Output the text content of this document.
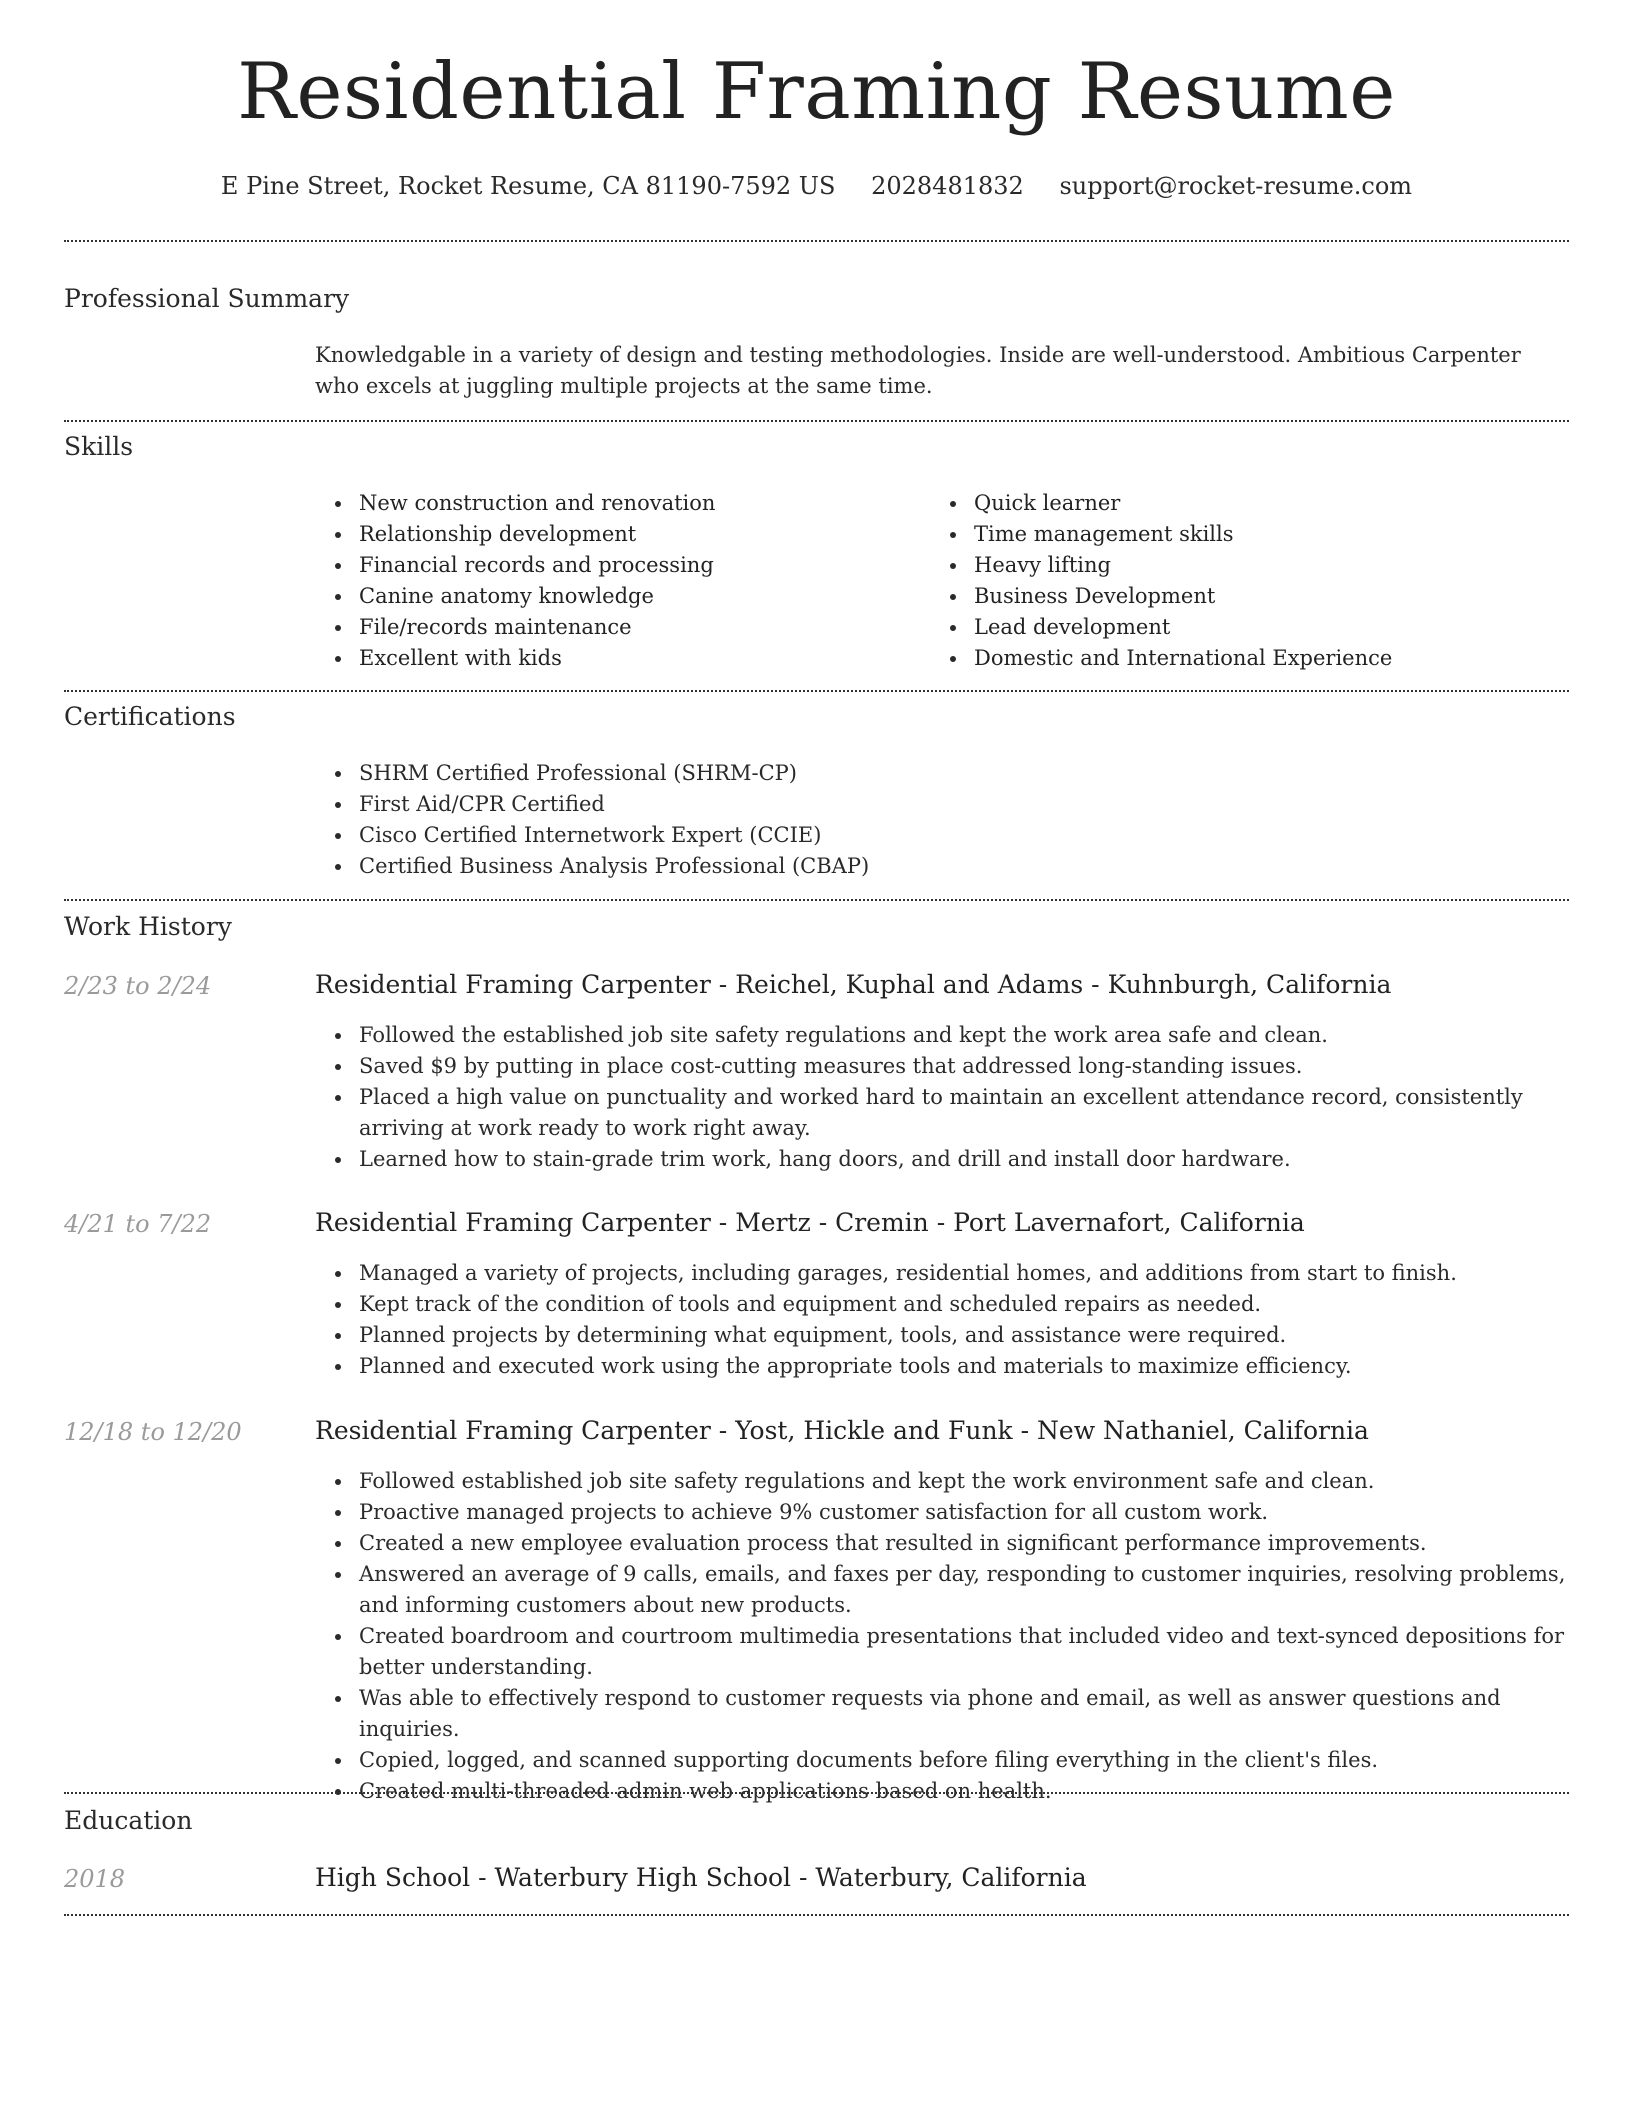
Residential Framing Resume
E Pine Street, Rocket Resume, CA 81190-7592 US 2028481832 support@rocket-resume.com
Professional Summary
Knowledgable in a variety of design and testing methodologies. Inside are well-understood. Ambitious Carpenter who excels at juggling multiple projects at the same time.
Skills
New construction and renovation
Relationship development
Financial records and processing
Canine anatomy knowledge
File/records maintenance
Excellent with kids
Quick learner
Time management skills
Heavy lifting
Business Development
Lead development
Domestic and International Experience
Certifications
SHRM Certified Professional (SHRM-CP)
First Aid/CPR Certified
Cisco Certified Internetwork Expert (CCIE)
Certified Business Analysis Professional (CBAP)
Work History
2/23 to 2/24	Residential Framing Carpenter - Reichel, Kuphal and Adams - Kuhnburgh, California
Followed the established job site safety regulations and kept the work area safe and clean.
Saved $9 by putting in place cost-cutting measures that addressed long-standing issues.
Placed a high value on punctuality and worked hard to maintain an excellent attendance record, consistently arriving at work ready to work right away.
Learned how to stain-grade trim work, hang doors, and drill and install door hardware.
4/21 to 7/22	Residential Framing Carpenter - Mertz - Cremin - Port Lavernafort, California
Managed a variety of projects, including garages, residential homes, and additions from start to finish.
Kept track of the condition of tools and equipment and scheduled repairs as needed.
Planned projects by determining what equipment, tools, and assistance were required.
Planned and executed work using the appropriate tools and materials to maximize efficiency.
12/18 to 12/20	Residential Framing Carpenter - Yost, Hickle and Funk - New Nathaniel, California
Followed established job site safety regulations and kept the work environment safe and clean.
Proactive managed projects to achieve 9% customer satisfaction for all custom work.
Created a new employee evaluation process that resulted in significant performance improvements.
Answered an average of 9 calls, emails, and faxes per day, responding to customer inquiries, resolving problems, and informing customers about new products.
Created boardroom and courtroom multimedia presentations that included video and text-synced depositions for better understanding.
Was able to effectively respond to customer requests via phone and email, as well as answer questions and inquiries.
Copied, logged, and scanned supporting documents before filing everything in the client's files.
Created multi-threaded admin web applications based on health.
Education
2018	High School - Waterbury High School - Waterbury, California
